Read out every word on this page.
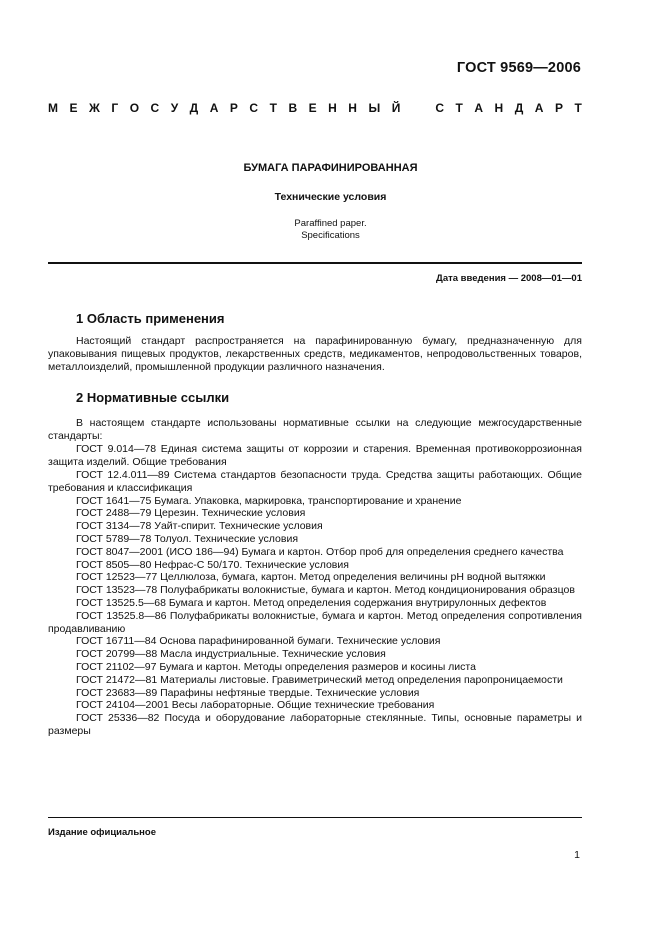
ГОСТ 9569—2006
М Е Ж Г О С У Д А Р С Т В Е Н Н Ы Й	С Т А Н Д А Р Т
БУМАГА ПАРАФИНИРОВАННАЯ
Технические условия
Paraffined paper.
Specifications
Дата введения — 2008—01—01
1 Область применения

Настоящий стандарт распространяется на парафинированную бумагу, предназначенную для упаковывания пищевых продуктов, лекарственных средств, медикаментов, непродовольственных товаров, металлоизделий, промышленной продукции различного назначения.

2 Нормативные ссылки

В настоящем стандарте использованы нормативные ссылки на следующие межгосударственные стандарты:

ГОСТ 9.014—78 Единая система защиты от коррозии и старения. Временная противокоррозионная защита изделий. Общие требования

ГОСТ 12.4.011—89 Система стандартов безопасности труда. Средства защиты работающих. Общие требования и классификация

ГОСТ 1641—75 Бумага. Упаковка, маркировка, транспортирование и хранение

ГОСТ 2488—79 Церезин. Технические условия

ГОСТ 3134—78 Уайт-спирит. Технические условия

ГОСТ 5789—78 Толуол. Технические условия

ГОСТ 8047—2001 (ИСО 186—94) Бумага и картон. Отбор проб для определения среднего качества

ГОСТ 8505—80 Нефрас-С 50/170. Технические условия

ГОСТ 12523—77 Целлюлоза, бумага, картон. Метод определения величины pH водной вытяжки

ГОСТ 13523—78 Полуфабрикаты волокнистые, бумага и картон. Метод кондиционирования образцов

ГОСТ 13525.5—68 Бумага и картон. Метод определения содержания внутрирулонных дефектов

ГОСТ 13525.8—86 Полуфабрикаты волокнистые, бумага и картон. Метод определения сопротивления продавливанию

ГОСТ 16711—84 Основа парафинированной бумаги. Технические условия

ГОСТ 20799—88 Масла индустриальные. Технические условия

ГОСТ 21102—97 Бумага и картон. Методы определения размеров и косины листа

ГОСТ 21472—81 Материалы листовые. Гравиметрический метод определения паропроницаемости

ГОСТ 23683—89 Парафины нефтяные твердые. Технические условия

ГОСТ 24104—2001 Весы лабораторные. Общие технические требования

ГОСТ 25336—82 Посуда и оборудование лабораторные стеклянные. Типы, основные параметры и размеры

Издание официальное
1
